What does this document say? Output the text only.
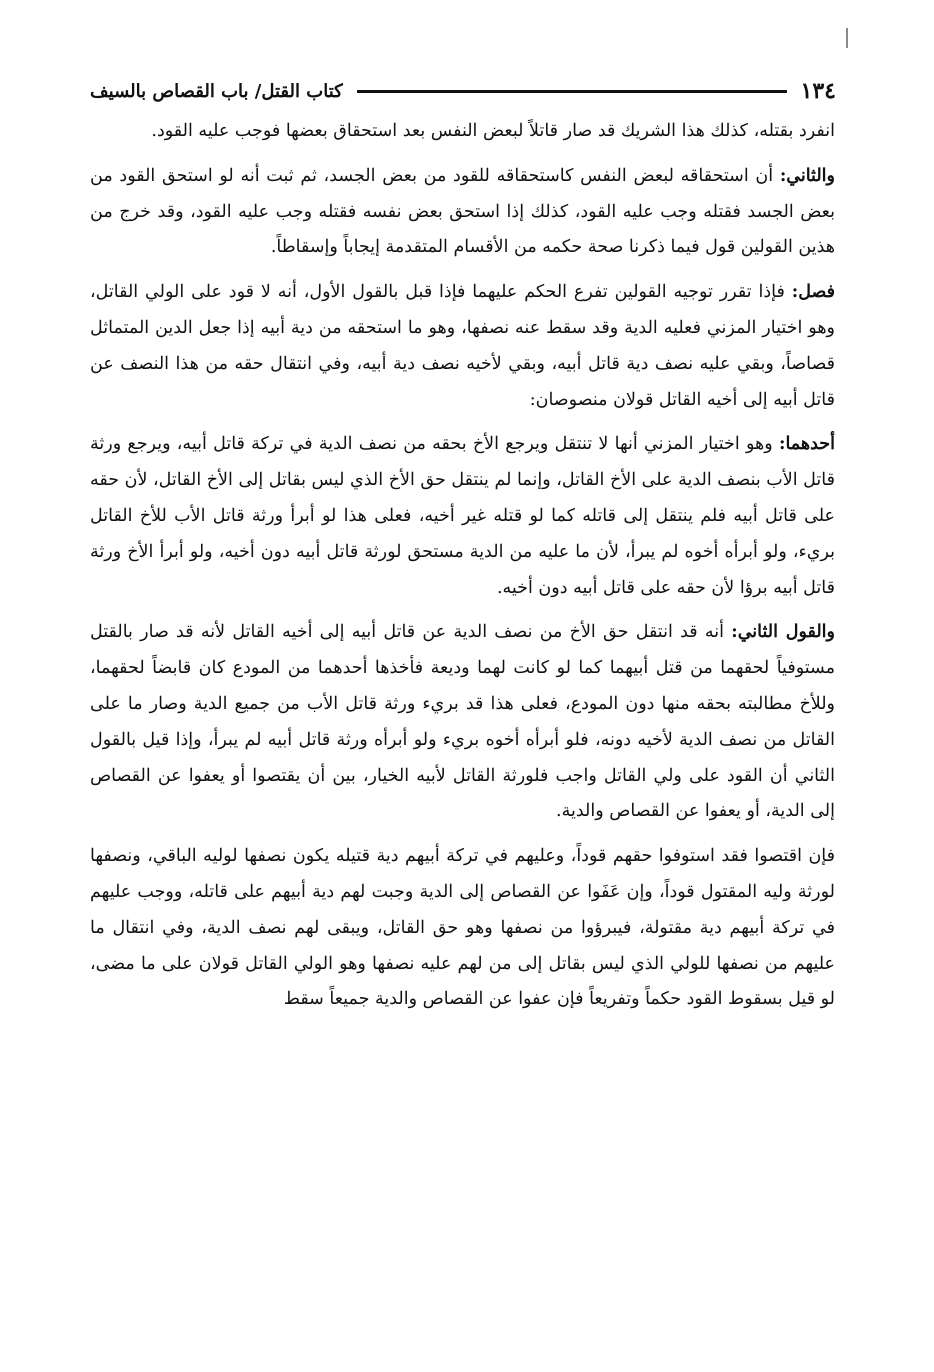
١٣٤
كتاب القتل/ باب القصاص بالسيف

انفرد بقتله، كذلك هذا الشريك قد صار قاتلاً لبعض النفس بعد استحقاق بعضها فوجب عليه القود.

والثاني: أن استحقاقه لبعض النفس كاستحقاقه للقود من بعض الجسد، ثم ثبت أنه لو استحق القود من بعض الجسد فقتله وجب عليه القود، كذلك إذا استحق بعض نفسه فقتله وجب عليه القود، وقد خرج من هذين القولين قول فيما ذكرنا صحة حكمه من الأقسام المتقدمة إيجاباً وإسقاطاً.

فصل: فإذا تقرر توجيه القولين تفرع الحكم عليهما فإذا قبل بالقول الأول، أنه لا قود على الولي القاتل، وهو اختيار المزني فعليه الدية وقد سقط عنه نصفها، وهو ما استحقه من دية أبيه إذا جعل الدين المتماثل قصاصاً، وبقي عليه نصف دية قاتل أبيه، وبقي لأخيه نصف دية أبيه، وفي انتقال حقه من هذا النصف عن قاتل أبيه إلى أخيه القاتل قولان منصوصان:

أحدهما: وهو اختيار المزني أنها لا تنتقل ويرجع الأخ بحقه من نصف الدية في تركة قاتل أبيه، ويرجع ورثة قاتل الأب بنصف الدية على الأخ القاتل، وإنما لم ينتقل حق الأخ الذي ليس بقاتل إلى الأخ القاتل، لأن حقه على قاتل أبيه فلم ينتقل إلى قاتله كما لو قتله غير أخيه، فعلى هذا لو أبرأ ورثة قاتل الأب للأخ القاتل بريء، ولو أبرأه أخوه لم يبرأ، لأن ما عليه من الدية مستحق لورثة قاتل أبيه دون أخيه، ولو أبرأ الأخ ورثة قاتل أبيه برؤا لأن حقه على قاتل أبيه دون أخيه.

والقول الثاني: أنه قد انتقل حق الأخ من نصف الدية عن قاتل أبيه إلى أخيه القاتل لأنه قد صار بالقتل مستوفياً لحقهما من قتل أبيهما كما لو كانت لهما وديعة فأخذها أحدهما من المودع كان قابضاً لحقهما، وللأخ مطالبته بحقه منها دون المودع، فعلى هذا قد بريء ورثة قاتل الأب من جميع الدية وصار ما على القاتل من نصف الدية لأخيه دونه، فلو أبرأه أخوه بريء ولو أبرأه ورثة قاتل أبيه لم يبرأ، وإذا قيل بالقول الثاني أن القود على ولي القاتل واجب فلورثة القاتل لأبيه الخيار، بين أن يقتصوا أو يعفوا عن القصاص إلى الدية، أو يعفوا عن القصاص والدية.

فإن اقتصوا فقد استوفوا حقهم قوداً، وعليهم في تركة أبيهم دية قتيله يكون نصفها لوليه الباقي، ونصفها لورثة وليه المقتول قوداً، وإن عَفَوا عن القصاص إلى الدية وجبت لهم دية أبيهم على قاتله، ووجب عليهم في تركة أبيهم دية مقتولة، فيبرؤوا من نصفها وهو حق القاتل، ويبقى لهم نصف الدية، وفي انتقال ما عليهم من نصفها للولي الذي ليس بقاتل إلى من لهم عليه نصفها وهو الولي القاتل قولان على ما مضى، لو قيل بسقوط القود حكماً وتفريعاً فإن عفوا عن القصاص والدية جميعاً سقط
